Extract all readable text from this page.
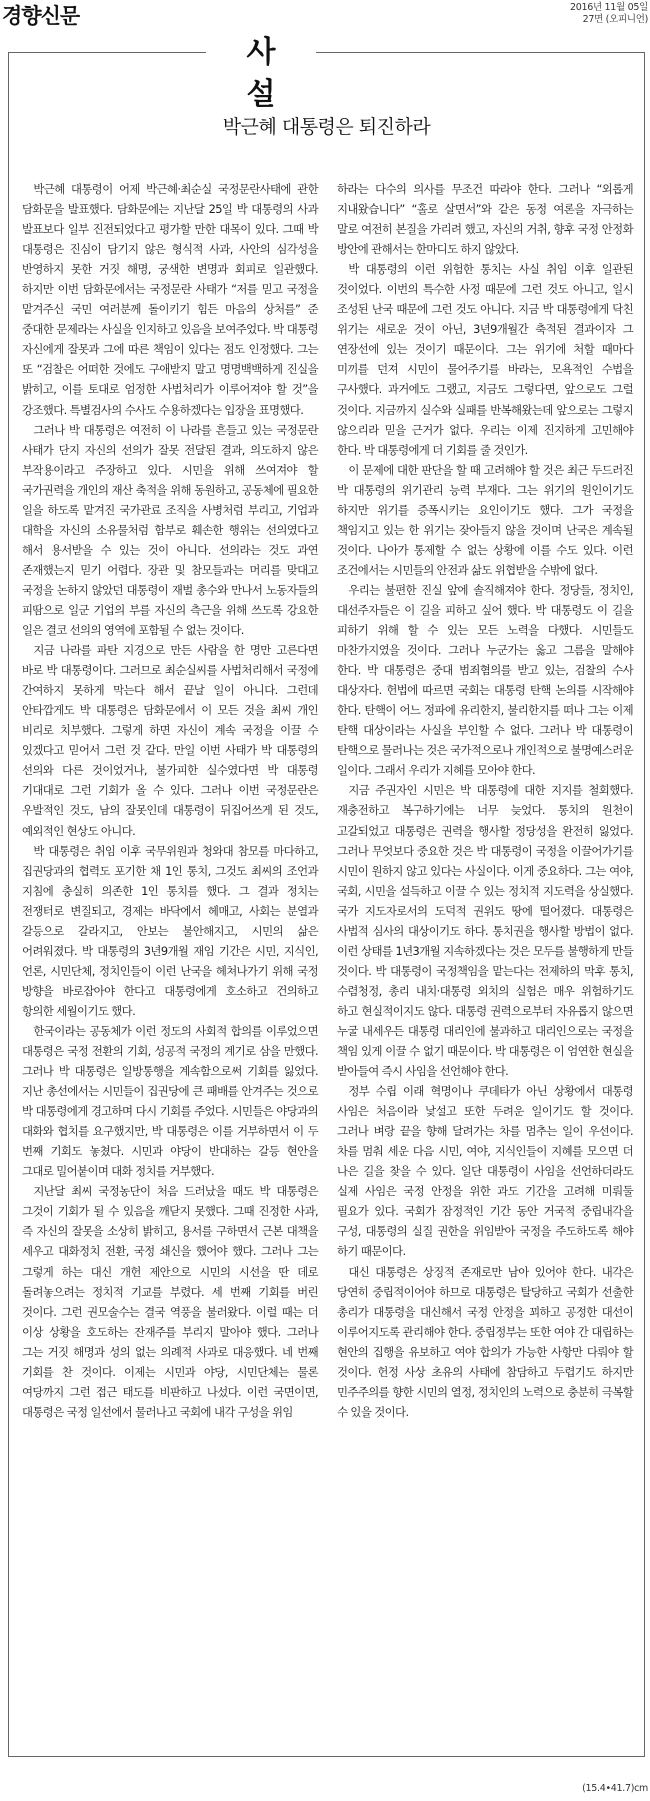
경향신문	2016년 11월 05일
27면 (오피니언)
사 설
박근혜 대통령은 퇴진하라

박근혜 대통령이 어제 박근혜·최순실 국정문란사태에 관한 담화문을 발표했다. 담화문에는 지난달 25일 박 대통령의 사과 발표보다 일부 진전되었다고 평가할 만한 대목이 있다. 그때 박 대통령은 진심이 담기지 않은 형식적 사과, 사안의 심각성을 반영하지 못한 거짓 해명, 궁색한 변명과 회피로 일관했다. 하지만 이번 담화문에서는 국정문란 사태가 “저를 믿고 국정을 맡겨주신 국민 여러분께 돌이키기 힘든 마음의 상처를” 준 중대한 문제라는 사실을 인지하고 있음을 보여주었다. 박 대통령 자신에게 잘못과 그에 따른 책임이 있다는 점도 인정했다. 그는 또 “검찰은 어떠한 것에도 구애받지 말고 명명백백하게 진실을 밝히고, 이를 토대로 엄정한 사법처리가 이루어져야 할 것”을 강조했다. 특별검사의 수사도 수용하겠다는 입장을 표명했다.

그러나 박 대통령은 여전히 이 나라를 흔들고 있는 국정문란 사태가 단지 자신의 선의가 잘못 전달된 결과, 의도하지 않은 부작용이라고 주장하고 있다. 시민을 위해 쓰여져야 할 국가권력을 개인의 재산 축적을 위해 동원하고, 공동체에 필요한 일을 하도록 맡겨진 국가관료 조직을 사병처럼 부리고, 기업과 대학을 자신의 소유물처럼 함부로 훼손한 행위는 선의였다고 해서 용서받을 수 있는 것이 아니다. 선의라는 것도 과연 존재했는지 믿기 어렵다. 장관 및 참모들과는 머리를 맞대고 국정을 논하지 않았던 대통령이 재벌 총수와 만나서 노동자들의 피땀으로 일군 기업의 부를 자신의 측근을 위해 쓰도록 강요한 일은 결코 선의의 영역에 포함될 수 없는 것이다.

지금 나라를 파탄 지경으로 만든 사람을 한 명만 고른다면 바로 박 대통령이다. 그러므로 최순실씨를 사법처리해서 국정에 간여하지 못하게 막는다 해서 끝날 일이 아니다. 그런데 안타깝게도 박 대통령은 담화문에서 이 모든 것을 최씨 개인 비리로 치부했다. 그렇게 하면 자신이 계속 국정을 이끌 수 있겠다고 믿어서 그런 것 같다. 만일 이번 사태가 박 대통령의 선의와 다른 것이었거나, 불가피한 실수였다면 박 대통령 기대대로 그런 기회가 올 수 있다. 그러나 이번 국정문란은 우발적인 것도, 남의 잘못인데 대통령이 뒤집어쓰게 된 것도, 예외적인 현상도 아니다.

박 대통령은 취임 이후 국무위원과 청와대 참모를 마다하고, 집권당과의 협력도 포기한 채 1인 통치, 그것도 최씨의 조언과 지침에 충실히 의존한 1인 통치를 했다. 그 결과 정치는 전쟁터로 변질되고, 경제는 바닥에서 헤매고, 사회는 분열과 갈등으로 갈라지고, 안보는 불안해지고, 시민의 삶은 어려워졌다. 박 대통령의 3년9개월 재임 기간은 시민, 지식인, 언론, 시민단체, 정치인들이 이런 난국을 헤쳐나가기 위해 국정 방향을 바로잡아야 한다고 대통령에게 호소하고 건의하고 항의한 세월이기도 했다.

한국이라는 공동체가 이런 정도의 사회적 합의를 이루었으면 대통령은 국정 전환의 기회, 성공적 국정의 계기로 삼을 만했다. 그러나 박 대통령은 일방통행을 계속함으로써 기회를 잃었다. 지난 총선에서는 시민들이 집권당에 큰 패배를 안겨주는 것으로 박 대통령에게 경고하며 다시 기회를 주었다. 시민들은 야당과의 대화와 협치를 요구했지만, 박 대통령은 이를 거부하면서 이 두 번째 기회도 놓쳤다. 시민과 야당이 반대하는 갈등 현안을 그대로 밀어붙이며 대화 정치를 거부했다.

지난달 최씨 국정농단이 처음 드러났을 때도 박 대통령은 그것이 기회가 될 수 있음을 깨닫지 못했다. 그때 진정한 사과, 즉 자신의 잘못을 소상히 밝히고, 용서를 구하면서 근본 대책을 세우고 대화정치 전환, 국정 쇄신을 했어야 했다. 그러나 그는 그렇게 하는 대신 개헌 제안으로 시민의 시선을 딴 데로 돌려놓으려는 정치적 기교를 부렸다. 세 번째 기회를 버린 것이다. 그런 권모술수는 결국 역풍을 불러왔다. 이럴 때는 더 이상 상황을 호도하는 잔재주를 부리지 말아야 했다. 그러나 그는 거짓 해명과 성의 없는 의례적 사과로 대응했다. 네 번째 기회를 찬 것이다. 이제는 시민과 야당, 시민단체는 물론 여당까지 그런 접근 태도를 비판하고 나섰다. 이런 국면이면, 대통령은 국정 일선에서 물러나고 국회에 내각 구성을 위임

하라는 다수의 의사를 무조건 따라야 한다. 그러나 “외롭게 지내왔습니다” “홀로 살면서”와 같은 동정 여론을 자극하는 말로 여전히 본질을 가리려 했고, 자신의 거취, 향후 국정 안정화 방안에 관해서는 한마디도 하지 않았다.

박 대통령의 이런 위험한 통치는 사실 취임 이후 일관된 것이었다. 이번의 특수한 사정 때문에 그런 것도 아니고, 일시 조성된 난국 때문에 그런 것도 아니다. 지금 박 대통령에게 닥친 위기는 새로운 것이 아닌, 3년9개월간 축적된 결과이자 그 연장선에 있는 것이기 때문이다. 그는 위기에 처할 때마다 미끼를 던져 시민이 물어주기를 바라는, 모욕적인 수법을 구사했다. 과거에도 그랬고, 지금도 그렇다면, 앞으로도 그럴 것이다. 지금까지 실수와 실패를 반복해왔는데 앞으로는 그렇지 않으리라 믿을 근거가 없다. 우리는 이제 진지하게 고민해야 한다. 박 대통령에게 더 기회를 줄 것인가.

이 문제에 대한 판단을 할 때 고려해야 할 것은 최근 두드러진 박 대통령의 위기관리 능력 부재다. 그는 위기의 원인이기도 하지만 위기를 증폭시키는 요인이기도 했다. 그가 국정을 책임지고 있는 한 위기는 잦아들지 않을 것이며 난국은 계속될 것이다. 나아가 통제할 수 없는 상황에 이를 수도 있다. 이런 조건에서는 시민들의 안전과 삶도 위협받을 수밖에 없다.

우리는 불편한 진실 앞에 솔직해져야 한다. 정당들, 정치인, 대선주자들은 이 길을 피하고 싶어 했다. 박 대통령도 이 길을 피하기 위해 할 수 있는 모든 노력을 다했다. 시민들도 마찬가지였을 것이다. 그러나 누군가는 옳고 그름을 말해야 한다. 박 대통령은 중대 범죄혐의를 받고 있는, 검찰의 수사 대상자다. 헌법에 따르면 국회는 대통령 탄핵 논의를 시작해야 한다. 탄핵이 어느 정파에 유리한지, 불리한지를 떠나 그는 이제 탄핵 대상이라는 사실을 부인할 수 없다. 그러나 박 대통령이 탄핵으로 물러나는 것은 국가적으로나 개인적으로 불명예스러운 일이다. 그래서 우리가 지혜를 모아야 한다.

지금 주권자인 시민은 박 대통령에 대한 지지를 철회했다. 재충전하고 복구하기에는 너무 늦었다. 통치의 원천이 고갈되었고 대통령은 권력을 행사할 정당성을 완전히 잃었다. 그러나 무엇보다 중요한 것은 박 대통령이 국정을 이끌어가기를 시민이 원하지 않고 있다는 사실이다. 이게 중요하다. 그는 여야, 국회, 시민을 설득하고 이끌 수 있는 정치적 지도력을 상실했다. 국가 지도자로서의 도덕적 권위도 땅에 떨어졌다. 대통령은 사법적 심사의 대상이기도 하다. 통치권을 행사할 방법이 없다. 이런 상태를 1년3개월 지속하겠다는 것은 모두를 불행하게 만들 것이다. 박 대통령이 국정책임을 맡는다는 전제하의 막후 통치, 수렴청정, 총리 내치·대통령 외치의 실험은 매우 위험하기도 하고 현실적이지도 않다. 대통령 권력으로부터 자유롭지 않으면 누굴 내세우든 대통령 대리인에 불과하고 대리인으로는 국정을 책임 있게 이끌 수 없기 때문이다. 박 대통령은 이 엄연한 현실을 받아들여 즉시 사임을 선언해야 한다.

정부 수립 이래 혁명이나 쿠데타가 아닌 상황에서 대통령 사임은 처음이라 낯설고 또한 두려운 일이기도 할 것이다. 그러나 벼랑 끝을 향해 달려가는 차를 멈추는 일이 우선이다. 차를 멈춰 세운 다음 시민, 여야, 지식인들이 지혜를 모으면 더 나은 길을 찾을 수 있다. 일단 대통령이 사임을 선언하더라도 실제 사임은 국정 안정을 위한 과도 기간을 고려해 미뤄둘 필요가 있다. 국회가 잠정적인 기간 동안 거국적 중립내각을 구성, 대통령의 실질 권한을 위임받아 국정을 주도하도록 해야 하기 때문이다.

대신 대통령은 상징적 존재로만 남아 있어야 한다. 내각은 당연히 중립적이어야 하므로 대통령은 탈당하고 국회가 선출한 총리가 대통령을 대신해서 국정 안정을 꾀하고 공정한 대선이 이루어지도록 관리해야 한다. 중립정부는 또한 여야 간 대립하는 현안의 집행을 유보하고 여야 합의가 가능한 사항만 다뤄야 할 것이다. 헌정 사상 초유의 사태에 참담하고 두렵기도 하지만 민주주의를 향한 시민의 열정, 정치인의 노력으로 충분히 극복할 수 있을 것이다.

(15.4•41.7)cm
